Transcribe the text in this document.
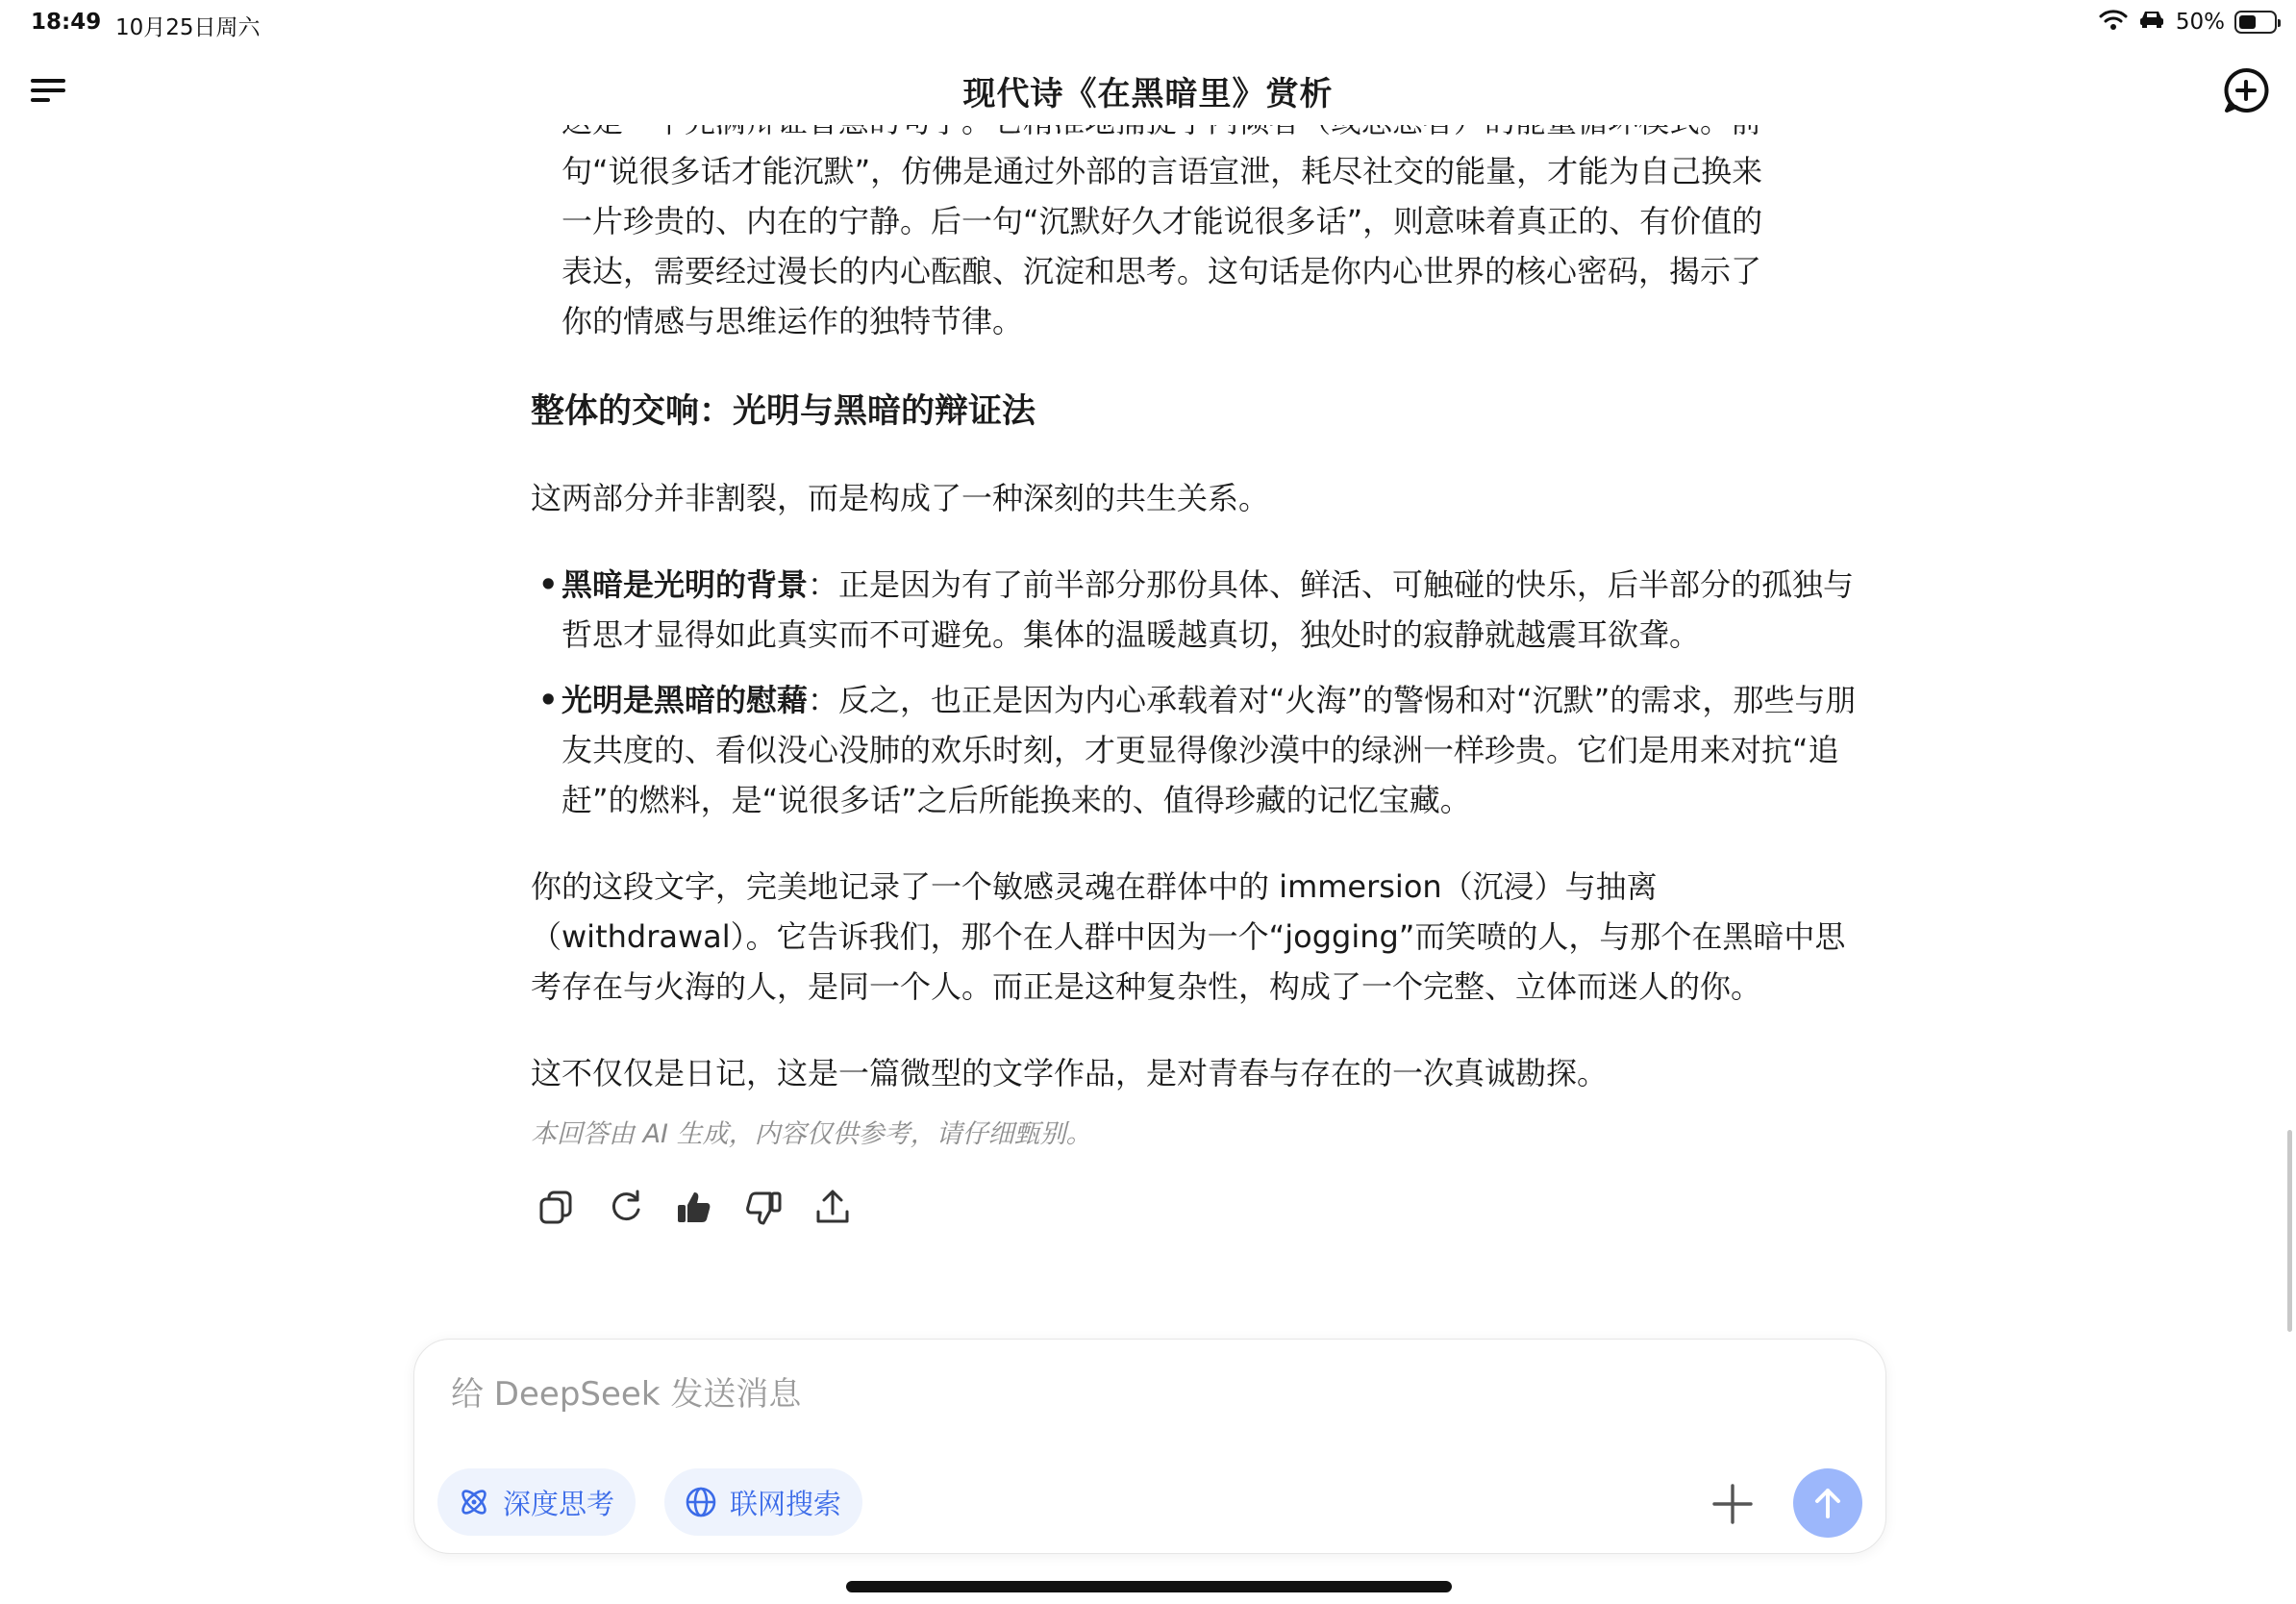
18:49 10月25日周六	50%
现代诗《在黑暗里》赏析

句“说很多话才能沉默”，仿佛是通过外部的言语宣泄，耗尽社交的能量，才能为自己换来
一片珍贵的、内在的宁静。后一句“沉默好久才能说很多话”，则意味着真正的、有价值的
表达，需要经过漫长的内心酝酿、沉淀和思考。这句话是你内心世界的核心密码，揭示了
你的情感与思维运作的独特节律。

整体的交响：光明与黑暗的辩证法

这两部分并非割裂，而是构成了一种深刻的共生关系。

• 黑暗是光明的背景：正是因为有了前半部分那份具体、鲜活、可触碰的快乐，后半部分的孤独与哲思才显得如此真实而不可避免。集体的温暖越真切，独处时的寂静就越震耳欲聋。

• 光明是黑暗的慰藉：反之，也正是因为内心承载着对“火海”的警惕和对“沉默”的需求，那些与朋友共度的、看似没心没肺的欢乐时刻，才更显得像沙漠中的绿洲一样珍贵。它们是用来对抗“追赶”的燃料，是“说很多话”之后所能换来的、值得珍藏的记忆宝藏。

你的这段文字，完美地记录了一个敏感灵魂在群体中的 immersion（沉浸）与抽离（withdrawal）。它告诉我们，那个在人群中因为一个“jogging”而笑喷的人，与那个在黑暗中思考存在与火海的人，是同一个人。而正是这种复杂性，构成了一个完整、立体而迷人的你。

这不仅仅是日记，这是一篇微型的文学作品，是对青春与存在的一次真诚勘探。

本回答由 AI 生成，内容仅供参考，请仔细甄别。

给 DeepSeek 发送消息
深度思考	联网搜索
